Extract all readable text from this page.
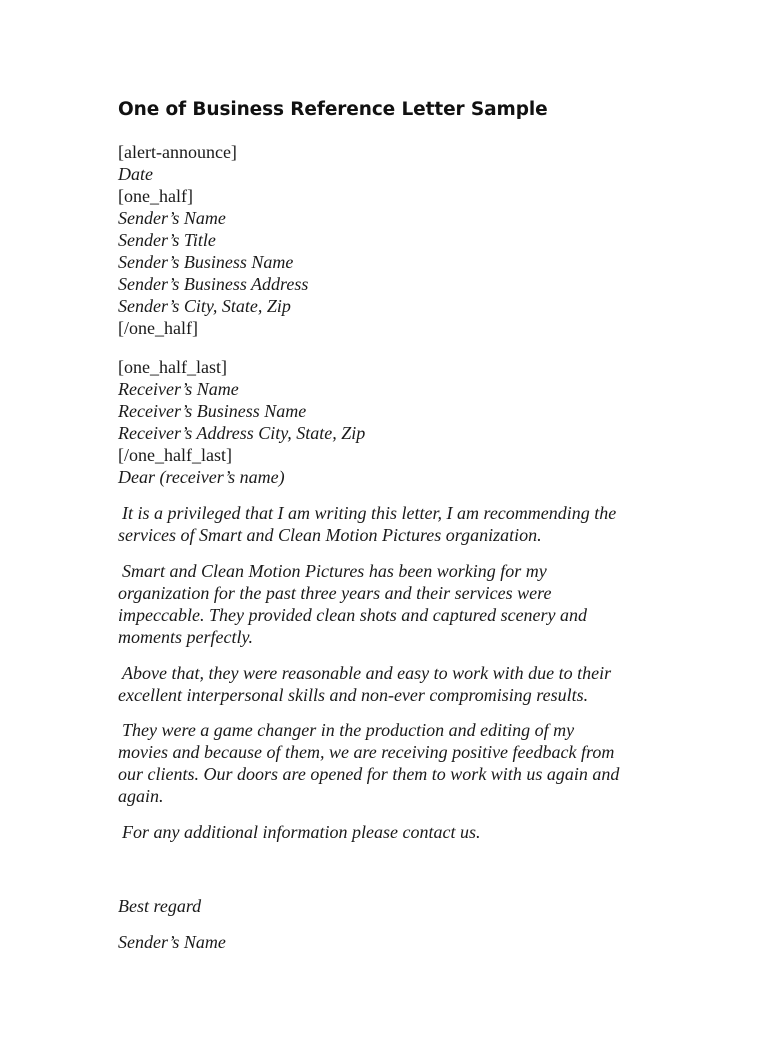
One of Business Reference Letter Sample
[alert-announce]
Date
[one_half]
Sender’s Name
Sender’s Title
Sender’s Business Name
Sender’s Business Address
Sender’s City, State, Zip
[/one_half]
[one_half_last]
Receiver’s Name
Receiver’s Business Name
Receiver’s Address City, State, Zip
[/one_half_last]
Dear (receiver’s name)
It is a privileged that I am writing this letter, I am recommending the
services of Smart and Clean Motion Pictures organization.
Smart and Clean Motion Pictures has been working for my
organization for the past three years and their services were
impeccable. They provided clean shots and captured scenery and
moments perfectly.
Above that, they were reasonable and easy to work with due to their
excellent interpersonal skills and non-ever compromising results.
They were a game changer in the production and editing of my
movies and because of them, we are receiving positive feedback from
our clients. Our doors are opened for them to work with us again and
again.
For any additional information please contact us.
Best regard
Sender’s Name
